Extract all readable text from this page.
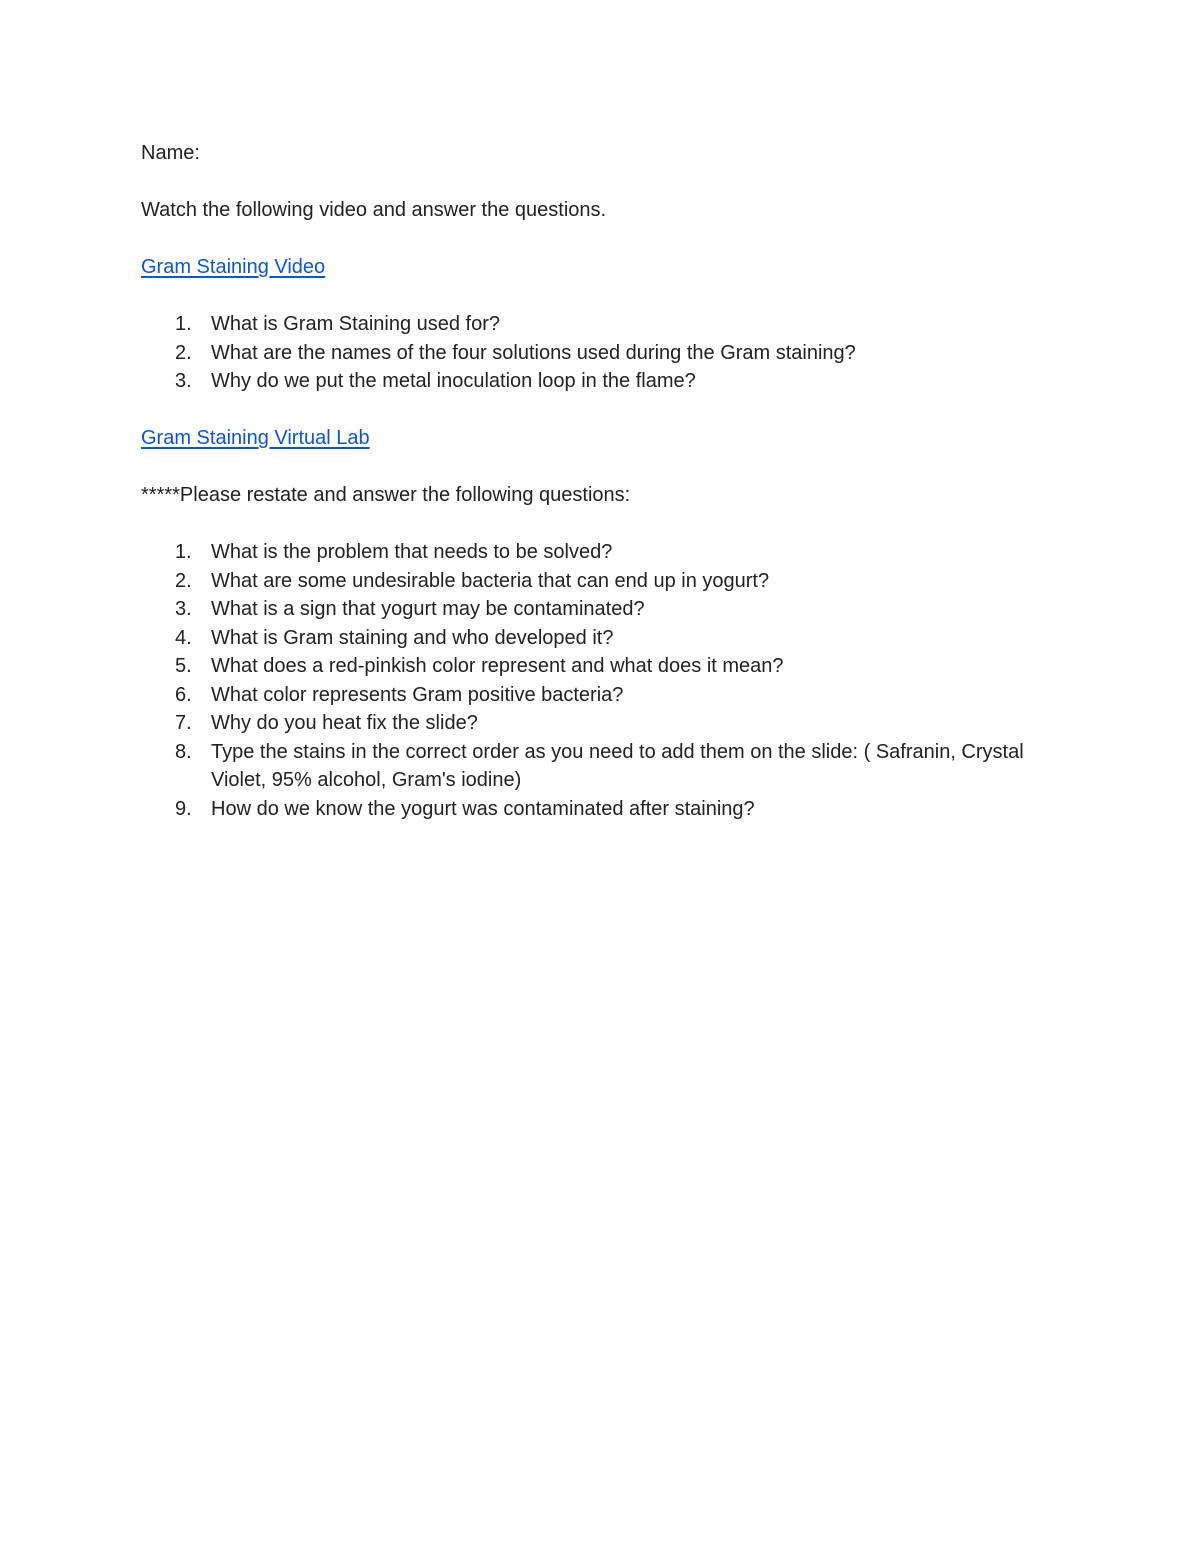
Name:

Watch the following video and answer the questions.

Gram Staining Video

1. What is Gram Staining used for?
2. What are the names of the four solutions used during the Gram staining?
3. Why do we put the metal inoculation loop in the flame?

Gram Staining Virtual Lab

*****Please restate and answer the following questions:

1. What is the problem that needs to be solved?
2. What are some undesirable bacteria that can end up in yogurt?
3. What is a sign that yogurt may be contaminated?
4. What is Gram staining and who developed it?
5. What does a red-pinkish color represent and what does it mean?
6. What color represents Gram positive bacteria?
7. Why do you heat fix the slide?
8. Type the stains in the correct order as you need to add them on the slide: ( Safranin, Crystal Violet, 95% alcohol, Gram's iodine)
9. How do we know the yogurt was contaminated after staining?
